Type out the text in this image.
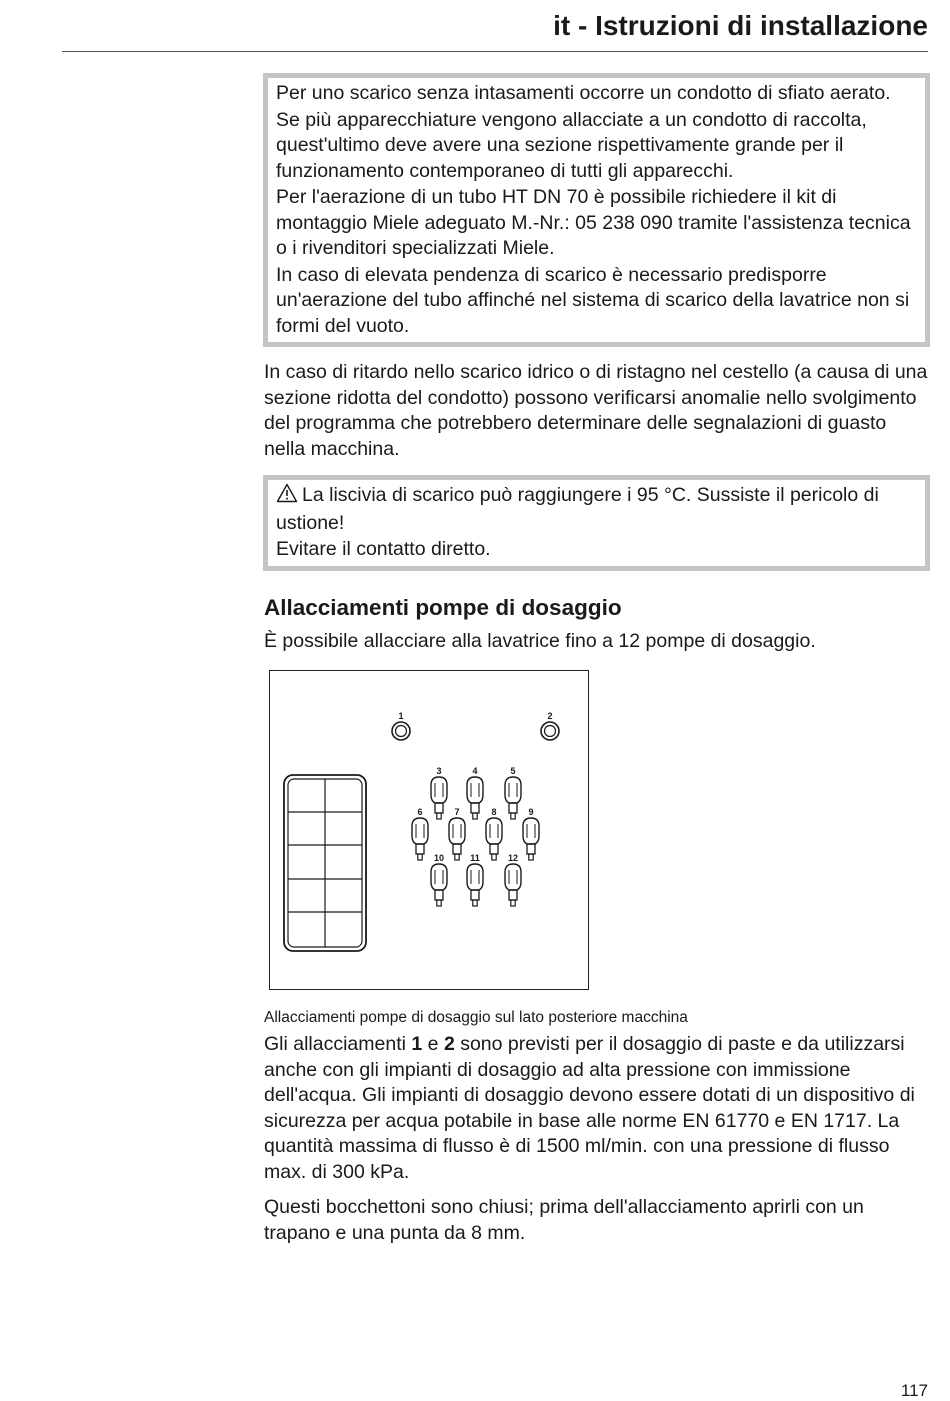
it - Istruzioni di installazione

Per uno scarico senza intasamenti occorre un condotto di sfiato aerato.

Se più apparecchiature vengono allacciate a un condotto di raccolta, quest'ultimo deve avere una sezione rispettivamente grande per il funzionamento contemporaneo di tutti gli apparecchi.

Per l'aerazione di un tubo HT DN 70 è possibile richiedere il kit di montaggio Miele adeguato M.-Nr.: 05 238 090 tramite l'assistenza tecnica o i rivenditori specializzati Miele.

In caso di elevata pendenza di scarico è necessario predisporre un'aerazione del tubo affinché nel sistema di scarico della lavatrice non si formi del vuoto.

In caso di ritardo nello scarico idrico o di ristagno nel cestello (a causa di una sezione ridotta del condotto) possono verificarsi anomalie nello svolgimento del programma che potrebbero determinare delle segnalazioni di guasto nella macchina.

La liscivia di scarico può raggiungere i 95 °C. Sussiste il pericolo di ustione!

Evitare il contatto diretto.

Allacciamenti pompe di dosaggio

È possibile allacciare alla lavatrice fino a 12 pompe di dosaggio.

1	2
3	4	5
6	7	8	9
10	11	12

Allacciamenti pompe di dosaggio sul lato posteriore macchina

Gli allacciamenti 1 e 2 sono previsti per il dosaggio di paste e da utilizzarsi anche con gli impianti di dosaggio ad alta pressione con immissione dell'acqua. Gli impianti di dosaggio devono essere dotati di un dispositivo di sicurezza per acqua potabile in base alle norme EN 61770 e EN 1717. La quantità massima di flusso è di 1500 ml/min. con una pressione di flusso max. di 300 kPa.

Questi bocchettoni sono chiusi; prima dell'allacciamento aprirli con un trapano e una punta da 8 mm.

117
